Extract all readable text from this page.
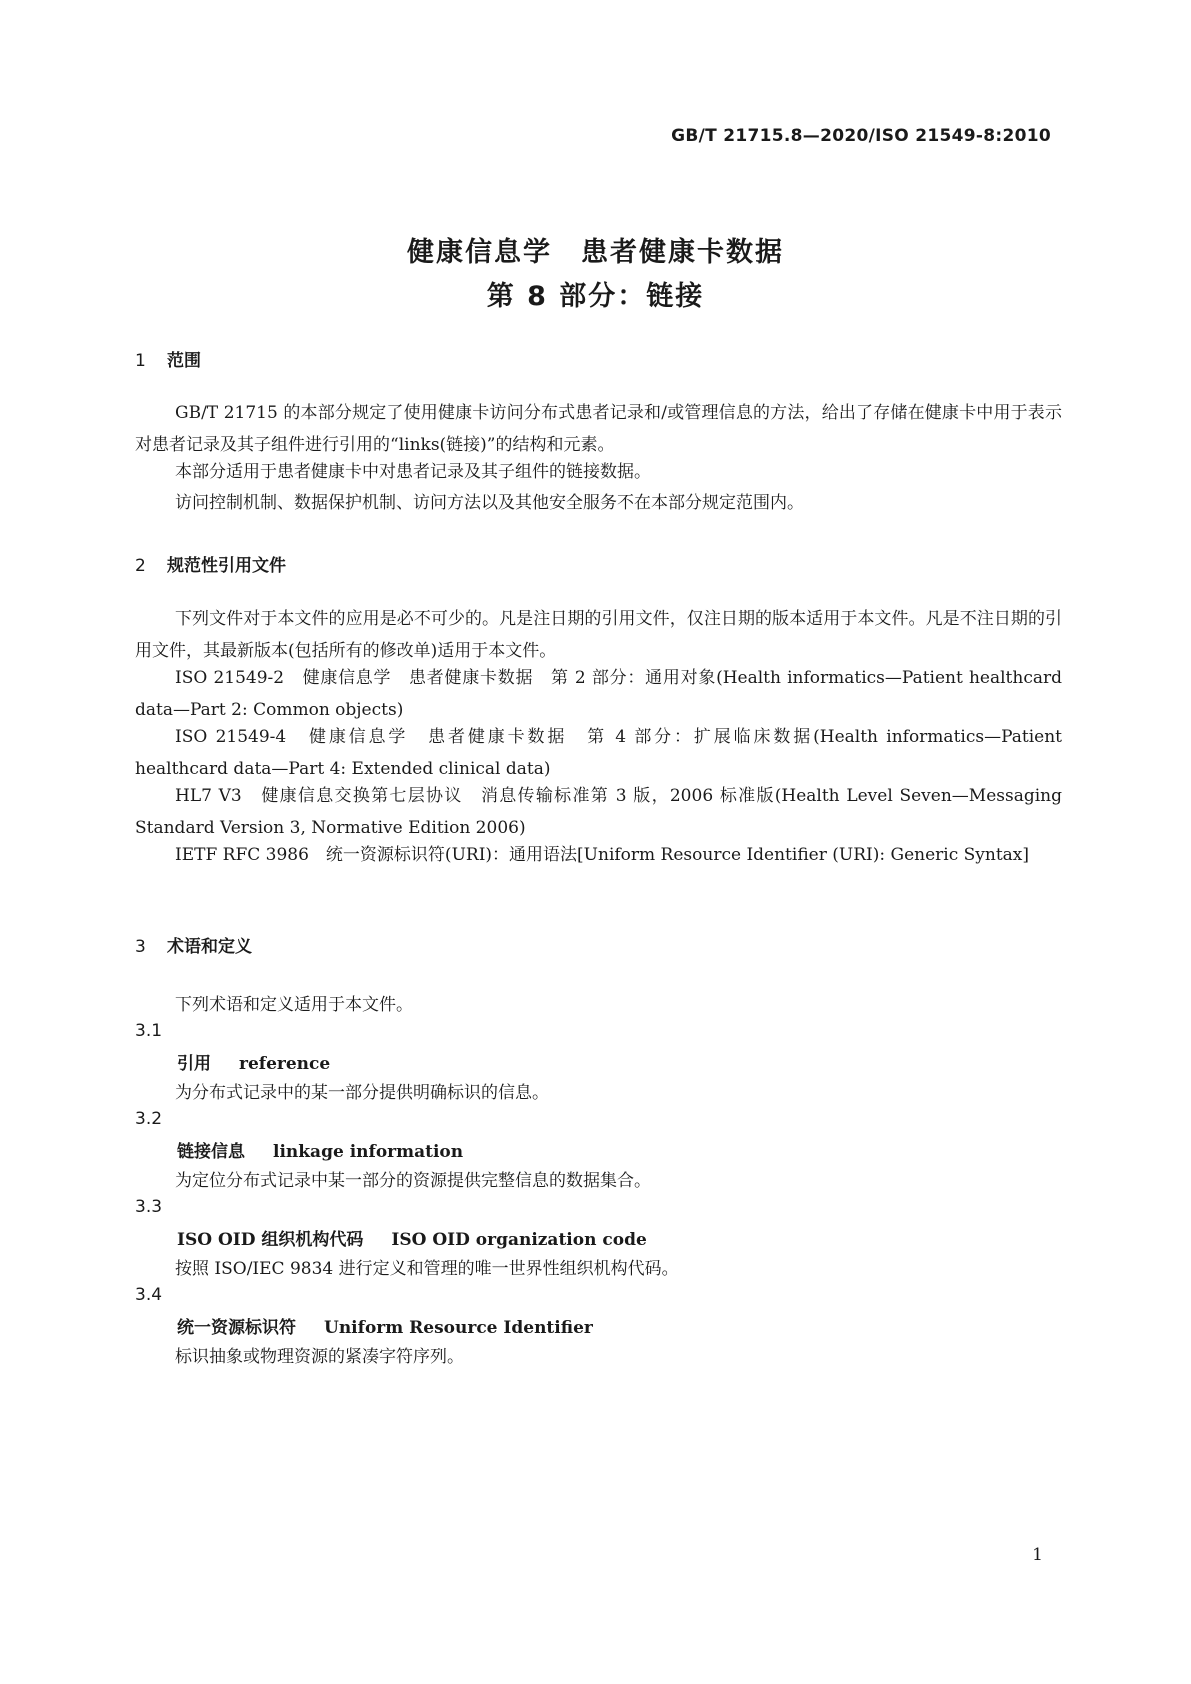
GB/T 21715.8—2020/ISO 21549-8:2010
健康信息学　患者健康卡数据
第 8 部分：链接
1 范围

GB/T 21715 的本部分规定了使用健康卡访问分布式患者记录和/或管理信息的方法，给出了存储在健康卡中用于表示对患者记录及其子组件进行引用的“links(链接)”的结构和元素。

本部分适用于患者健康卡中对患者记录及其子组件的链接数据。

访问控制机制、数据保护机制、访问方法以及其他安全服务不在本部分规定范围内。

2 规范性引用文件

下列文件对于本文件的应用是必不可少的。凡是注日期的引用文件，仅注日期的版本适用于本文件。凡是不注日期的引用文件，其最新版本(包括所有的修改单)适用于本文件。

ISO 21549-2　健康信息学　患者健康卡数据　第 2 部分：通用对象(Health informatics—Patient healthcard data—Part 2: Common objects)

ISO 21549-4　健康信息学　患者健康卡数据　第 4 部分：扩展临床数据(Health informatics—Patient healthcard data—Part 4: Extended clinical data)

HL7 V3　健康信息交换第七层协议　消息传输标准第 3 版，2006 标准版(Health Level Seven—Messaging Standard Version 3, Normative Edition 2006)

IETF RFC 3986　统一资源标识符(URI)：通用语法[Uniform Resource Identifier (URI): Generic Syntax]

3 术语和定义
下列术语和定义适用于本文件。
3.1
引用 reference
为分布式记录中的某一部分提供明确标识的信息。
3.2
链接信息 linkage information
为定位分布式记录中某一部分的资源提供完整信息的数据集合。
3.3
ISO OID 组织机构代码 ISO OID organization code
按照 ISO/IEC 9834 进行定义和管理的唯一世界性组织机构代码。
3.4
统一资源标识符 Uniform Resource Identifier
标识抽象或物理资源的紧凑字符序列。
1
